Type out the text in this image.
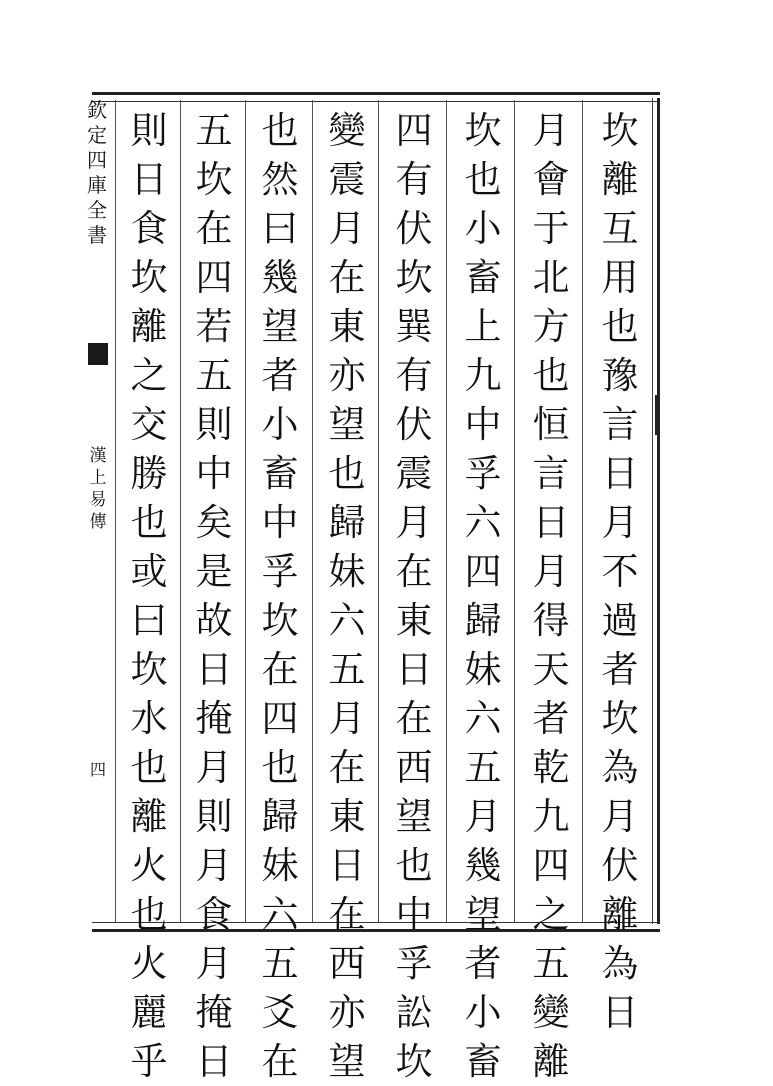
欽定四庫全書
漢上易傳
四
坎離互用也豫言日月不過者坎為月伏離為日
月會于北方也恒言日月得天者乾九四之五變離
坎也小畜上九中孚六四歸妹六五月幾望者小畜
四有伏坎巽有伏震月在東日在西望也中孚訟坎
變震月在東亦望也歸妹六五月在東日在西亦望
也然曰幾望者小畜中孚坎在四也歸妹六五爻在
五坎在四若五則中矣是故日掩月則月食月掩日
則日食坎離之交勝也或曰坎水也離火也火麗乎
